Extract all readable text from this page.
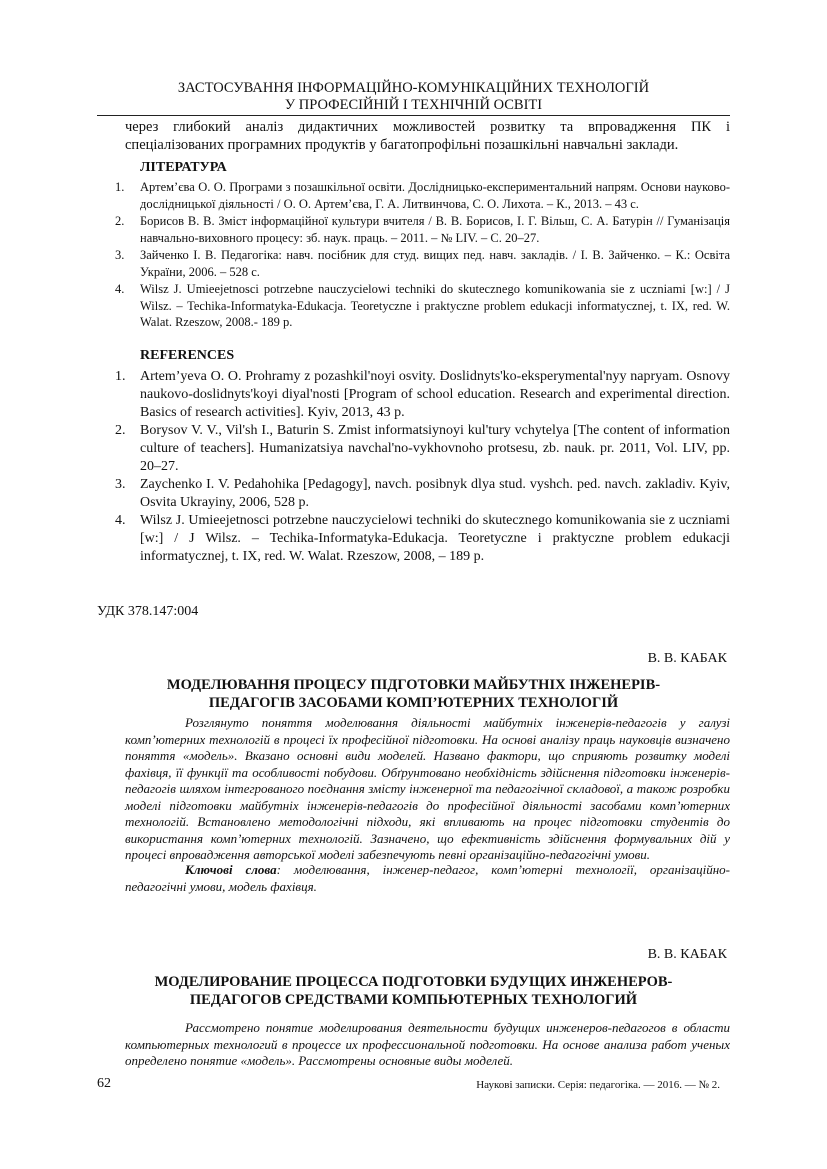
ЗАСТОСУВАННЯ ІНФОРМАЦІЙНО-КОМУНІКАЦІЙНИХ ТЕХНОЛОГІЙ
У ПРОФЕСІЙНІЙ І ТЕХНІЧНІЙ ОСВІТІ
через глибокий аналіз дидактичних можливостей розвитку та впровадження ПК і
спеціалізованих програмних продуктів у багатопрофільні позашкільні навчальні заклади.
ЛІТЕРАТУРА
1. Артем’єва О. О. Програми з позашкільної освіти. Дослідницько-експериментальний напрям. Основи науково-дослідницької діяльності / О. О. Артем’єва, Г. А. Литвинчова, С. О. Лихота. – К., 2013. – 43 с.
2. Борисов В. В. Зміст інформаційної культури вчителя / В. В. Борисов, І. Г. Вільш, С. А. Батурін // Гуманізація навчально-виховного процесу: зб. наук. праць. – 2011. – № LIV. – С. 20–27.
3. Зайченко І. В. Педагогіка: навч. посібник для студ. вищих пед. навч. закладів. / І. В. Зайченко. – К.: Освіта України, 2006. – 528 с.
4. Wilsz J. Umieejetnosci potrzebne nauczycielowi techniki do skutecznego komunikowania sie z uczniami [w:] / J Wilsz. – Techika-Informatyka-Edukacja. Teoretyczne i praktyczne problem edukacji informatycznej, t. IX, red. W. Walat. Rzeszow, 2008.- 189 p.
REFERENCES
1. Artem’yeva O. O. Prohramy z pozashkil'noyi osvity. Doslidnyts'ko-eksperymental'nyy napryam. Osnovy naukovo-doslidnyts'koyi diyal'nosti [Program of school education. Research and experimental direction. Basics of research activities]. Kyiv, 2013, 43 p.
2. Borysov V. V., Vil'sh I., Baturin S. Zmist informatsiynoyi kul'tury vchytelya [The content of information culture of teachers]. Humanizatsiya navchal'no-vykhovnoho protsesu, zb. nauk. pr. 2011, Vol. LIV, pp. 20–27.
3. Zaychenko I. V. Pedahohika [Pedagogy], navch. posibnyk dlya stud. vyshch. ped. navch. zakladiv. Kyiv, Osvita Ukrayiny, 2006, 528 p.
4. Wilsz J. Umieejetnosci potrzebne nauczycielowi techniki do skutecznego komunikowania sie z uczniami [w:] / J Wilsz. – Techika-Informatyka-Edukacja. Teoretyczne i praktyczne problem edukacji informatycznej, t. IX, red. W. Walat. Rzeszow, 2008, – 189 p.
УДК 378.147:004
В. В. КАБАК
МОДЕЛЮВАННЯ ПРОЦЕСУ ПІДГОТОВКИ МАЙБУТНІХ ІНЖЕНЕРІВ-
ПЕДАГОГІВ ЗАСОБАМИ КОМП’ЮТЕРНИХ ТЕХНОЛОГІЙ

Розглянуто поняття моделювання діяльності майбутніх інженерів-педагогів у галузі комп’ютерних технологій в процесі їх професійної підготовки. На основі аналізу праць науковців визначено поняття «модель». Вказано основні види моделей. Названо фактори, що сприяють розвитку моделі фахівця, її функції та особливості побудови. Обґрунтовано необхідність здійснення підготовки інженерів-педагогів шляхом інтегрованого поєднання змісту інженерної та педагогічної складової, а також розробки моделі підготовки майбутніх інженерів-педагогів до професійної діяльності засобами комп’ютерних технологій. Встановлено методологічні підходи, які впливають на процес підготовки студентів до використання комп’ютерних технологій. Зазначено, що ефективність здійснення формувальних дій у процесі впровадження авторської моделі забезпечують певні організаційно-педагогічні умови.

Ключові слова: моделювання, інженер-педагог, комп’ютерні технології, організаційно-педагогічні умови, модель фахівця.
В. В. КАБАК
МОДЕЛИРОВАНИЕ ПРОЦЕССА ПОДГОТОВКИ БУДУЩИХ ИНЖЕНЕРОВ-
ПЕДАГОГОВ СРЕДСТВАМИ КОМПЬЮТЕРНЫХ ТЕХНОЛОГИЙ

Рассмотрено понятие моделирования деятельности будущих инженеров-педагогов в области компьютерных технологий в процессе их профессиональной подготовки. На основе анализа работ ученых определено понятие «модель». Рассмотрены основные виды моделей.

62	Наукові записки. Серія: педагогіка. — 2016. — № 2.
